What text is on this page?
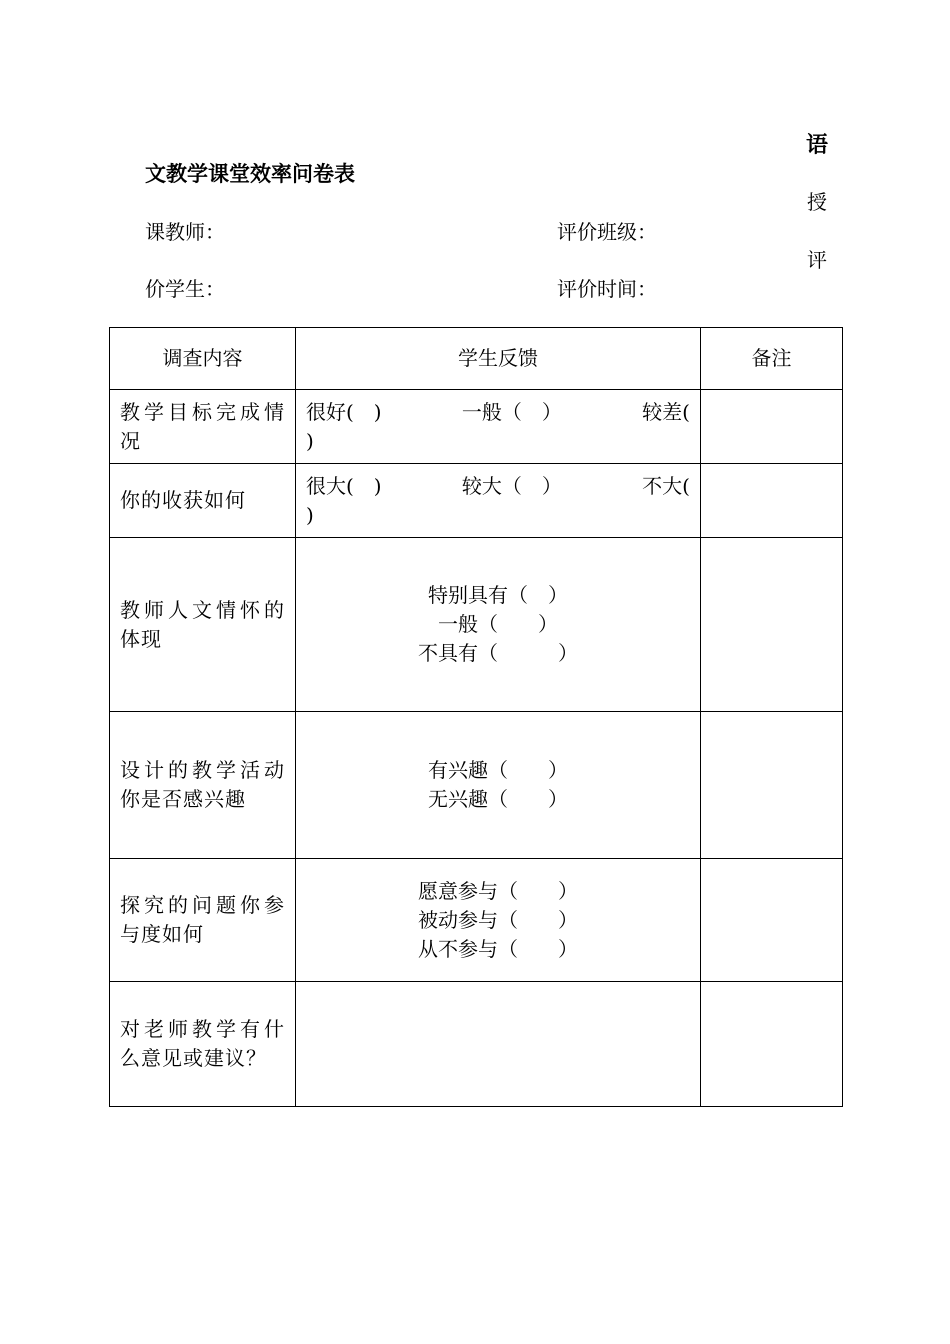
语
授
评
文教学课堂效率问卷表
课教师：	评价班级：
价学生：	评价时间：
调查内容	学生反馈	备注
教学目标完成情况	很好(　) 一般（　） 较差(
)	

你的收获如何	很大(　) 较大（　） 不大(
)	

教师人文情怀的体现	特别具有（　）
一般（　　）
不具有（　　　）	

设计的教学活动你是否感兴趣	有兴趣（　　）
无兴趣（　　）	

探究的问题你参与度如何	愿意参与（　　）
被动参与（　　）
从不参与（　　）	

对老师教学有什么意见或建议？		
